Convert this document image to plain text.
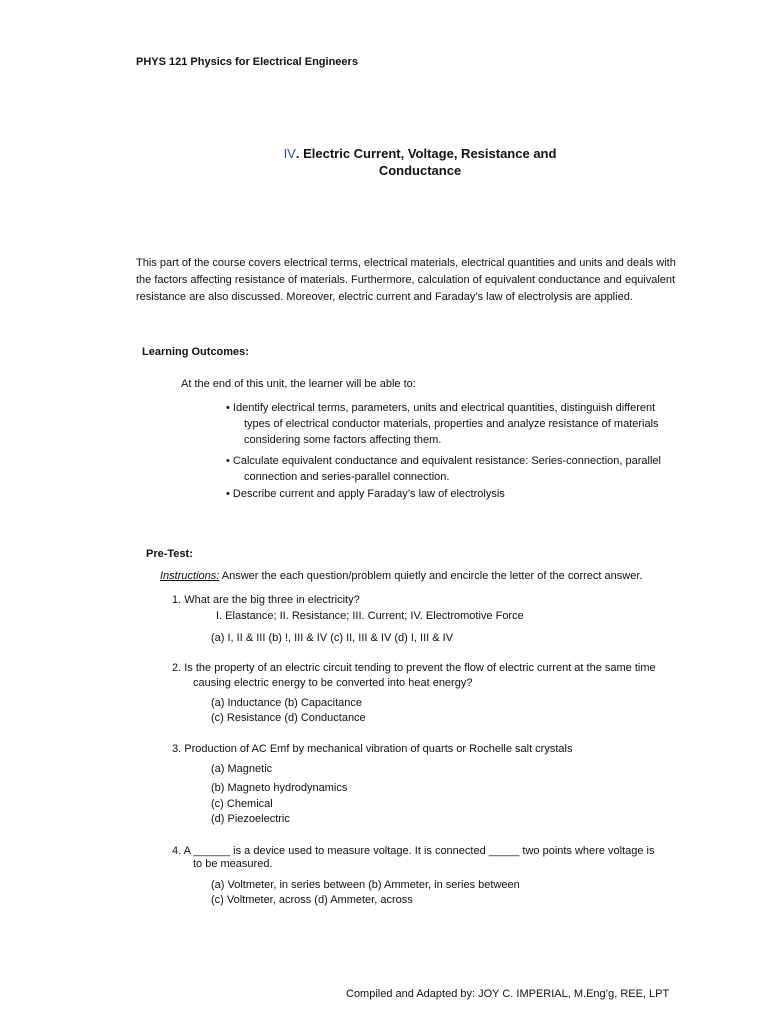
PHYS 121 Physics for Electrical Engineers
IV. Electric Current, Voltage, Resistance and
Conductance
This part of the course covers electrical terms, electrical materials, electrical quantities and units and deals with the factors affecting resistance of materials. Furthermore, calculation of equivalent conductance and equivalent resistance are also discussed. Moreover, electric current and Faraday’s law of electrolysis are applied.
Learning Outcomes:
At the end of this unit, the learner will be able to:
• Identify electrical terms, parameters, units and electrical quantities, distinguish different
types of electrical conductor materials, properties and analyze resistance of materials
considering some factors affecting them.
• Calculate equivalent conductance and equivalent resistance: Series-connection, parallel
connection and series-parallel connection.
• Describe current and apply Faraday’s law of electrolysis
Pre-Test:
Instructions: Answer the each question/problem quietly and encircle the letter of the correct answer.
1. What are the big three in electricity?
I. Elastance; II. Resistance; III. Current; IV. Electromotive Force
(a) I, II & III (b) !, III & IV (c) II, III & IV (d) I, III & IV
2. Is the property of an electric circuit tending to prevent the flow of electric current at the same time
causing electric energy to be converted into heat energy?
(a) Inductance (b) Capacitance
(c) Resistance (d) Conductance
3. Production of AC Emf by mechanical vibration of quarts or Rochelle salt crystals
(a) Magnetic
(b) Magneto hydrodynamics
(c) Chemical
(d) Piezoelectric
4. A ______ is a device used to measure voltage. It is connected _____ two points where voltage is
to be measured.
(a) Voltmeter, in series between (b) Ammeter, in series between
(c) Voltmeter, across (d) Ammeter, across
Compiled and Adapted by: JOY C. IMPERIAL, M.Eng’g, REE, LPT
